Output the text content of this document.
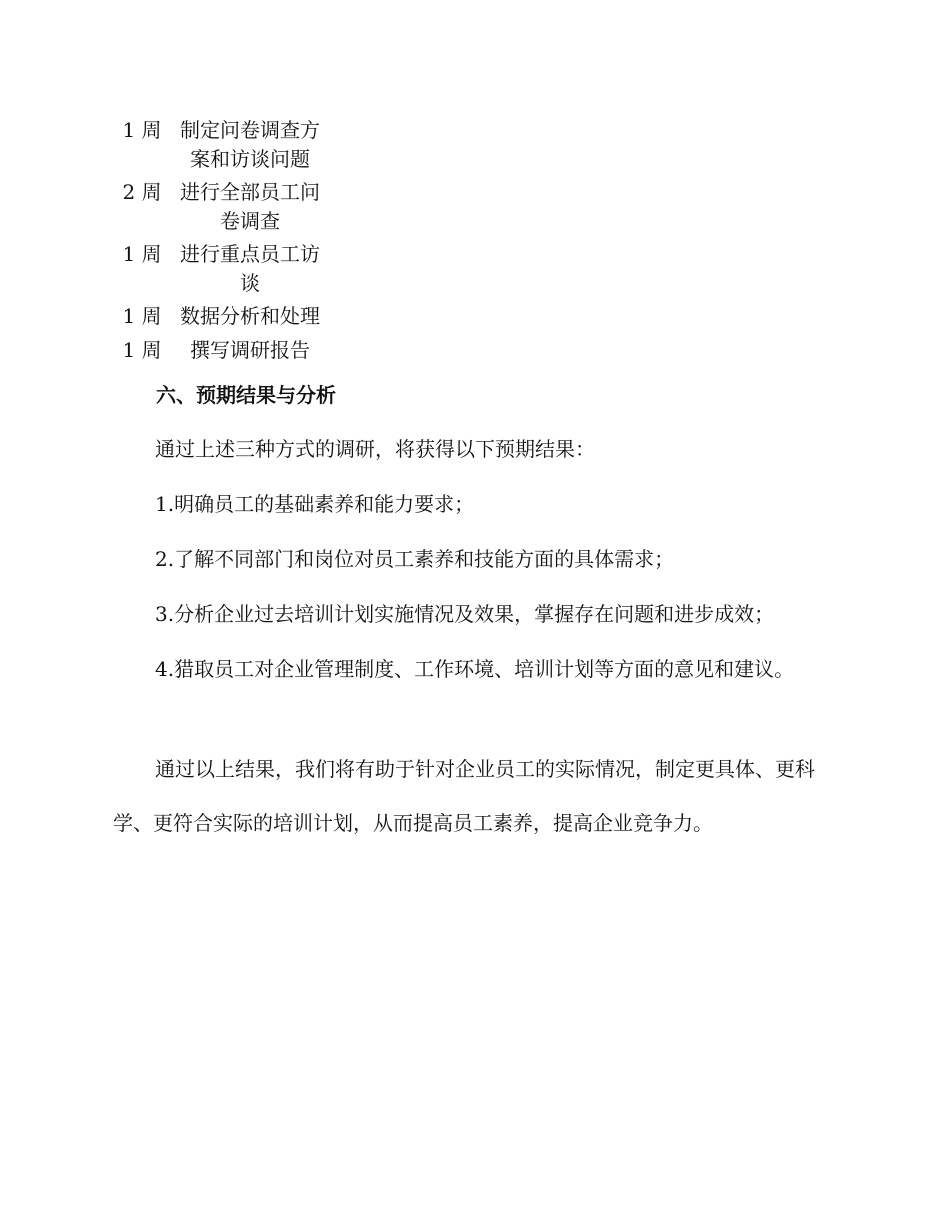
1 周 制定问卷调查方
案和访谈问题
2 周 进行全部员工问
卷调查
1 周 进行重点员工访
谈
1 周 数据分析和处理
1 周	撰写调研报告
六、预期结果与分析

通过上述三种方式的调研，将获得以下预期结果：

1.明确员工的基础素养和能力要求；

2.了解不同部门和岗位对员工素养和技能方面的具体需求；

3.分析企业过去培训计划实施情况及效果，掌握存在问题和进步成效；

4.猎取员工对企业管理制度、工作环境、培训计划等方面的意见和建议。

通过以上结果，我们将有助于针对企业员工的实际情况，制定更具体、更科学、更符合实际的培训计划，从而提高员工素养，提高企业竞争力。
